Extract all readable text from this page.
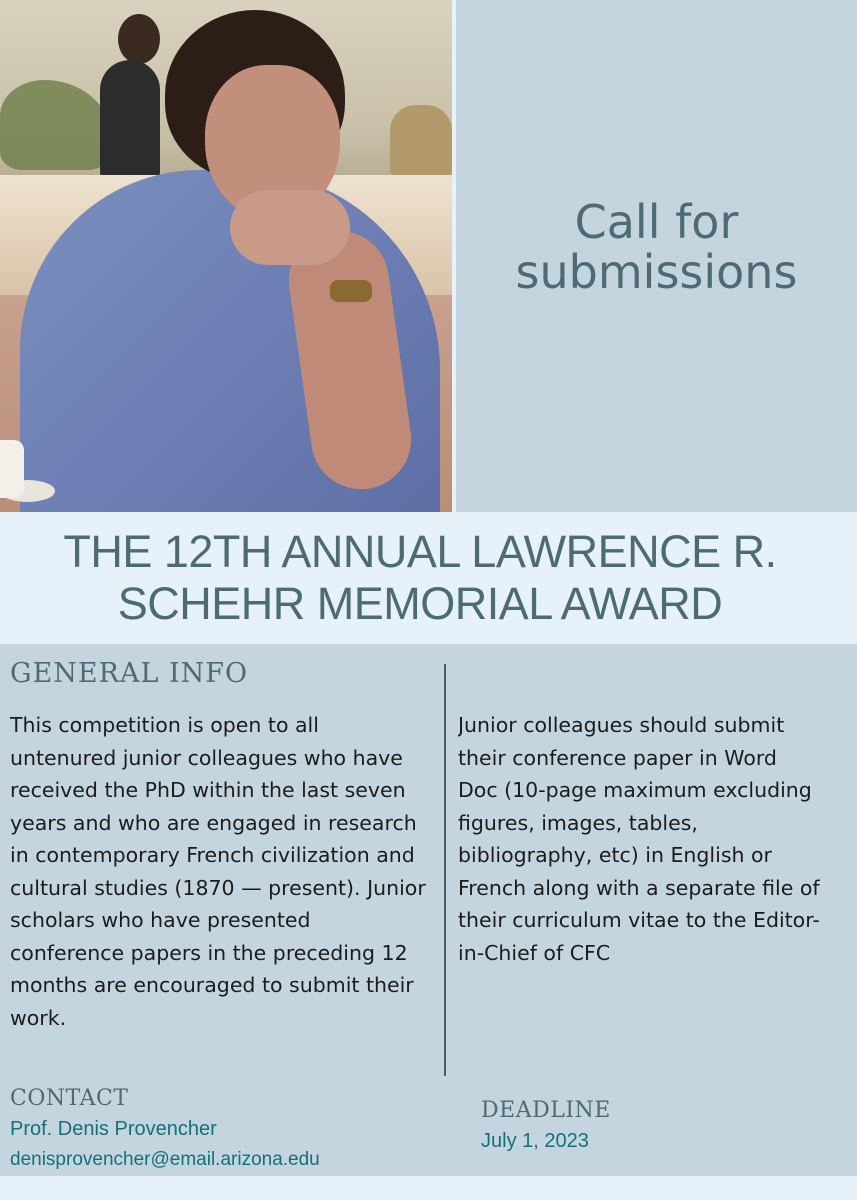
Call for submissions
THE 12TH ANNUAL LAWRENCE R. SCHEHR MEMORIAL AWARD
GENERAL INFO

This competition is open to all untenured junior colleagues who have received the PhD within the last seven years and who are engaged in research in contemporary French civilization and cultural studies (1870 — present). Junior scholars who have presented conference papers in the preceding 12 months are encouraged to submit their work.

Junior colleagues should submit
their conference paper in Word
Doc (10-page maximum excluding
figures, images, tables,
bibliography, etc) in English or
French along with a separate file of
their curriculum vitae to the Editor-
in-Chief of CFC

CONTACT
Prof. Denis Provencher
denisprovencher@email.arizona.edu
DEADLINE
July 1, 2023
